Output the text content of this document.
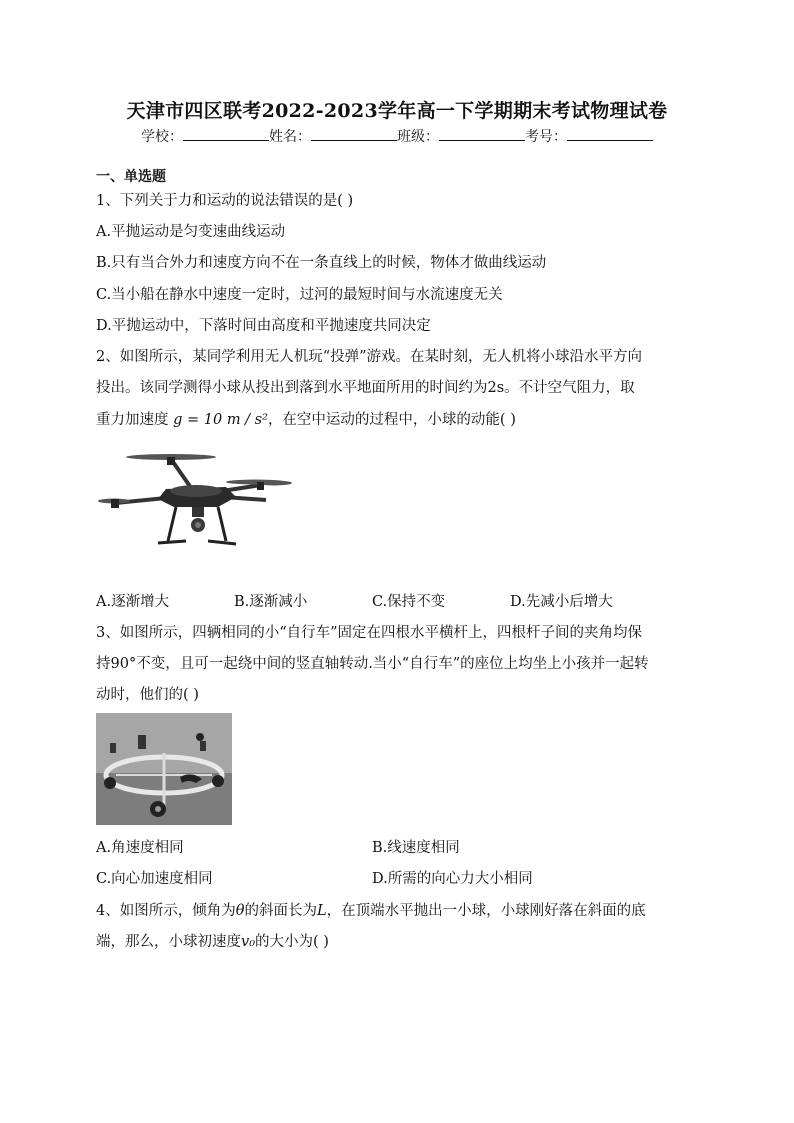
天津市四区联考2022-2023学年高一下学期期末考试物理试卷
学校：	姓名：	班级：	考号：
一、单选题
1、下列关于力和运动的说法错误的是( )
A.平抛运动是匀变速曲线运动
B.只有当合外力和速度方向不在一条直线上的时候，物体才做曲线运动
C.当小船在静水中速度一定时，过河的最短时间与水流速度无关
D.平抛运动中，下落时间由高度和平抛速度共同决定
2、如图所示，某同学利用无人机玩“投弹”游戏。在某时刻，无人机将小球沿水平方向
投出。该同学测得小球从投出到落到水平地面所用的时间约为2s。不计空气阻力，取
重力加速度 g = 10 m / s²，在空中运动的过程中，小球的动能( )
A.逐渐增大	B.逐渐减小	C.保持不变	D.先减小后增大
3、如图所示，四辆相同的小“自行车”固定在四根水平横杆上，四根杆子间的夹角均保
持90°不变，且可一起绕中间的竖直轴转动.当小“自行车”的座位上均坐上小孩并一起转
动时，他们的( )
A.角速度相同	B.线速度相同
C.向心加速度相同	D.所需的向心力大小相同
4、如图所示，倾角为θ的斜面长为L，在顶端水平抛出一小球，小球刚好落在斜面的底
端，那么，小球初速度v₀的大小为( )
